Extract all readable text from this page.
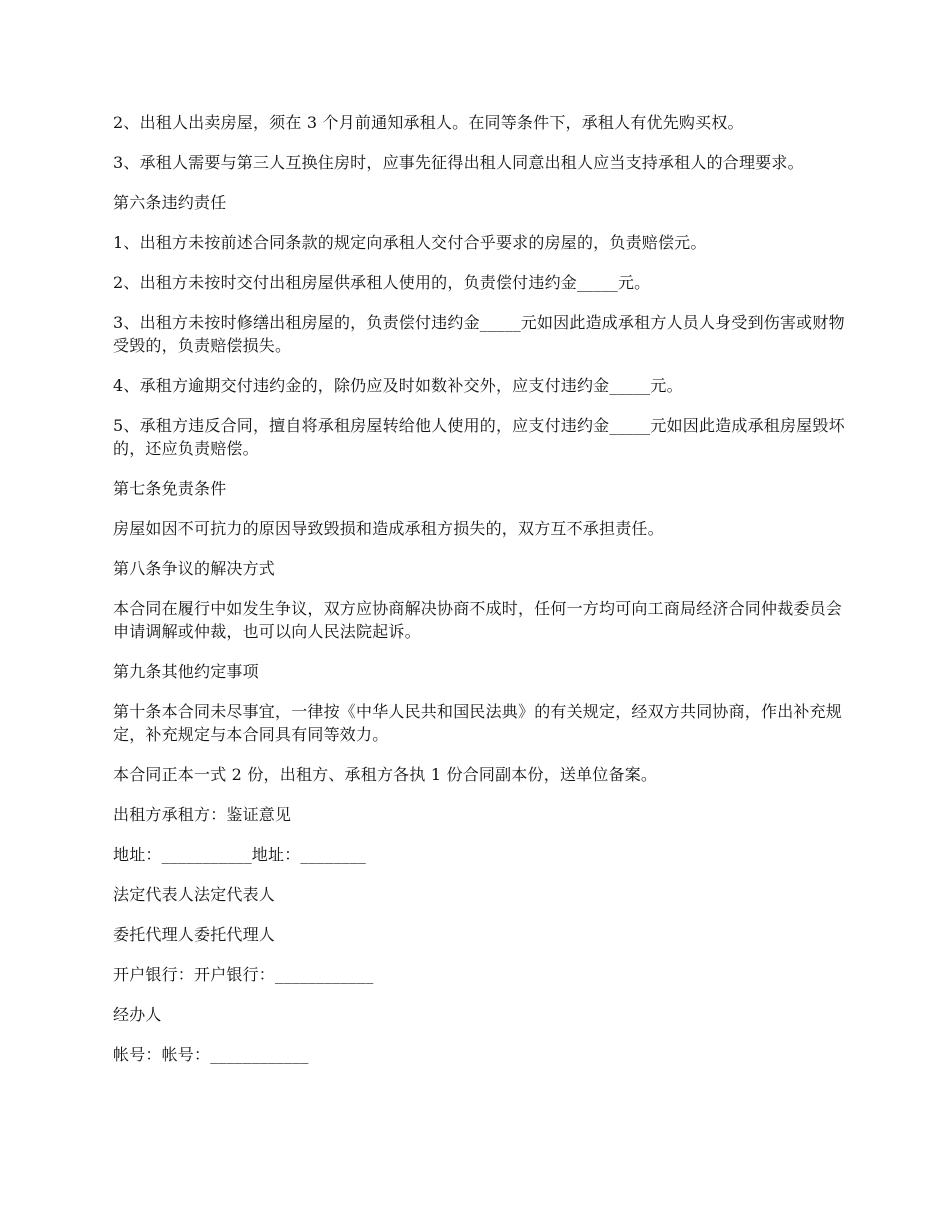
2、出租人出卖房屋，须在 3 个月前通知承租人。在同等条件下，承租人有优先购买权。

3、承租人需要与第三人互换住房时，应事先征得出租人同意出租人应当支持承租人的合理要求。

第六条违约责任

1、出租方未按前述合同条款的规定向承租人交付合乎要求的房屋的，负责赔偿元。

2、出租方未按时交付出租房屋供承租人使用的，负责偿付违约金_____元。

3、出租方未按时修缮出租房屋的，负责偿付违约金_____元如因此造成承租方人员人身受到伤害或财物受毁的，负责赔偿损失。

4、承租方逾期交付违约金的，除仍应及时如数补交外，应支付违约金_____元。

5、承租方违反合同，擅自将承租房屋转给他人使用的，应支付违约金_____元如因此造成承租房屋毁坏的，还应负责赔偿。

第七条免责条件

房屋如因不可抗力的原因导致毁损和造成承租方损失的，双方互不承担责任。

第八条争议的解决方式

本合同在履行中如发生争议，双方应协商解决协商不成时，任何一方均可向工商局经济合同仲裁委员会申请调解或仲裁，也可以向人民法院起诉。

第九条其他约定事项

第十条本合同未尽事宜，一律按《中华人民共和国民法典》的有关规定，经双方共同协商，作出补充规定，补充规定与本合同具有同等效力。

本合同正本一式 2 份，出租方、承租方各执 1 份合同副本份，送单位备案。

出租方承租方：鉴证意见

地址：___________地址：________

法定代表人法定代表人

委托代理人委托代理人

开户银行：开户银行：____________

经办人

帐号：帐号：____________
